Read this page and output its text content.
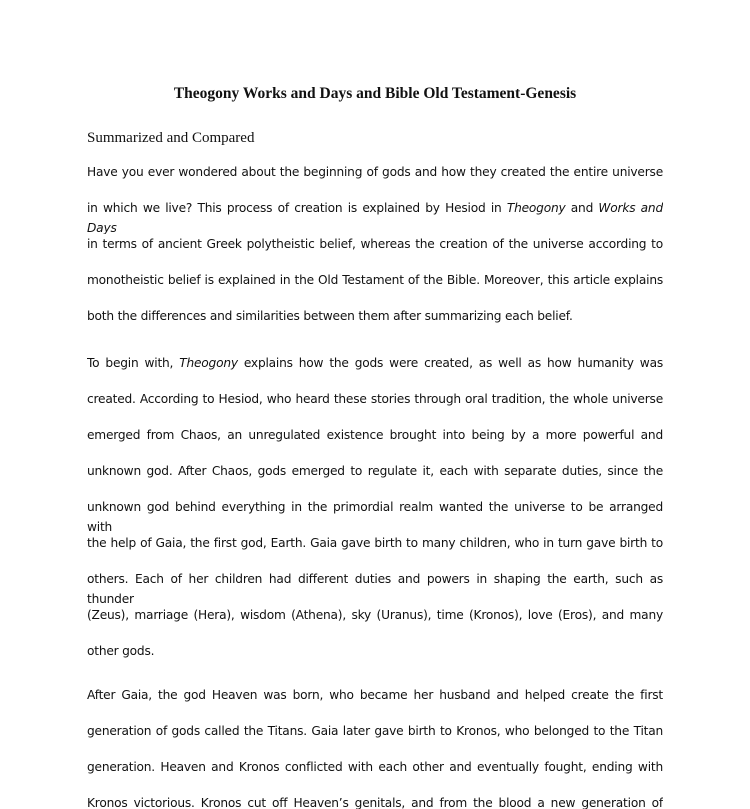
Theogony Works and Days and Bible Old Testament-Genesis

Summarized and Compared

Have you ever wondered about the beginning of gods and how they created the entire universe
in which we live? This process of creation is explained by Hesiod in Theogony and Works and Days
in terms of ancient Greek polytheistic belief, whereas the creation of the universe according to
monotheistic belief is explained in the Old Testament of the Bible. Moreover, this article explains
both the differences and similarities between them after summarizing each belief.
To begin with, Theogony explains how the gods were created, as well as how humanity was
created. According to Hesiod, who heard these stories through oral tradition, the whole universe
emerged from Chaos, an unregulated existence brought into being by a more powerful and
unknown god. After Chaos, gods emerged to regulate it, each with separate duties, since the
unknown god behind everything in the primordial realm wanted the universe to be arranged with
the help of Gaia, the first god, Earth. Gaia gave birth to many children, who in turn gave birth to
others. Each of her children had different duties and powers in shaping the earth, such as thunder
(Zeus), marriage (Hera), wisdom (Athena), sky (Uranus), time (Kronos), love (Eros), and many
other gods.
After Gaia, the god Heaven was born, who became her husband and helped create the first
generation of gods called the Titans. Gaia later gave birth to Kronos, who belonged to the Titan
generation. Heaven and Kronos conflicted with each other and eventually fought, ending with
Kronos victorious. Kronos cut off Heaven’s genitals, and from the blood a new generation of
